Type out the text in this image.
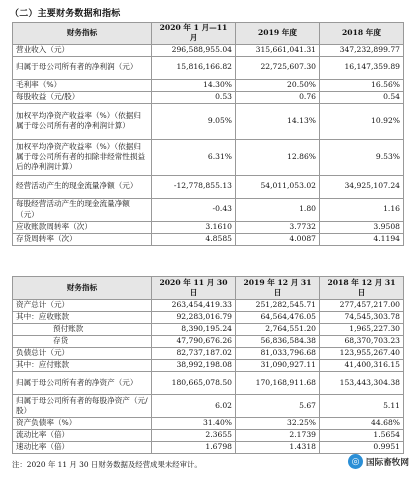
（二）主要财务数据和指标
财务指标	2020 年 1 月—11 月	2019 年度	2018 年度
营业收入（元）	296,588,955.04	315,661,041.31	347,232,899.77
归属于母公司所有者的净利润（元）	15,816,166.82	22,725,607.30	16,147,359.89
毛利率（%）	14.30%	20.50%	16.56%
每股收益（元/股）	0.53	0.76	0.54
加权平均净资产收益率（%）（依据归属于母公司所有者的净利润计算）	9.05%	14.13%	10.92%
加权平均净资产收益率（%）（依据归属于母公司所有者的扣除非经常性损益后的净利润计算）	6.31%	12.86%	9.53%
经营活动产生的现金流量净额（元）	-12,778,855.13	54,011,053.02	34,925,107.24
每股经营活动产生的现金流量净额（元）	-0.43	1.80	1.16
应收账款周转率（次）	3.1610	3.7732	3.9508
存货周转率（次）	4.8585	4.0087	4.1194
财务指标	2020 年 11 月 30 日	2019 年 12 月 31 日	2018 年 12 月 31 日
资产总计（元）	263,454,419.33	251,282,545.71	277,457,217.00
其中：应收账款	92,283,016.79	64,564,476.05	74,545,303.78
预付账款	8,390,195.24	2,764,551.20	1,965,227.30
存货	47,790,676.26	56,836,584.38	68,370,703.23
负债总计（元）	82,737,187.02	81,033,796.68	123,955,267.40
其中：应付账款	38,992,198.08	31,090,927.11	41,400,316.15
归属于母公司所有者的净资产（元）	180,665,078.50	170,168,911.68	153,443,304.38
归属于母公司所有者的每股净资产（元/股）	6.02	5.67	5.11
资产负债率（%）	31.40%	32.25%	44.68%
流动比率（倍）	2.3655	2.1739	1.5654
速动比率（倍）	1.6798	1.4318	0.9951
注：2020 年 11 月 30 日财务数据及经营成果未经审计。	◎ 国际畜牧网
